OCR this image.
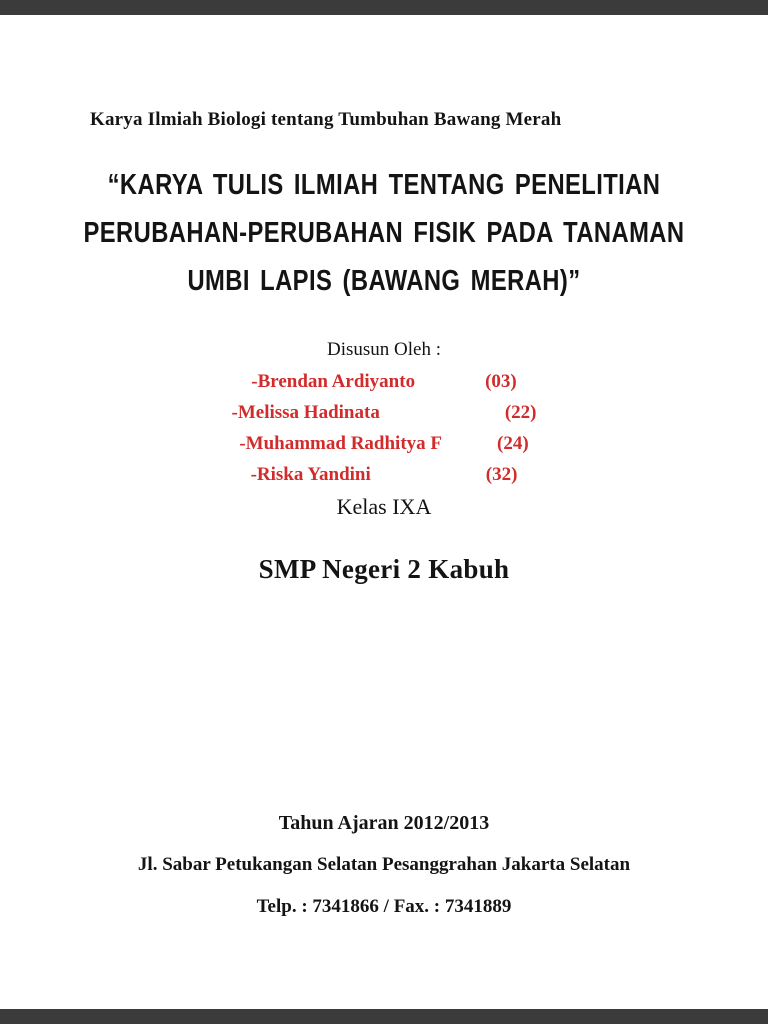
Karya Ilmiah Biologi tentang Tumbuhan Bawang Merah
“KARYA TULIS ILMIAH TENTANG PENELITIAN
PERUBAHAN-PERUBAHAN FISIK PADA TANAMAN
UMBI LAPIS (BAWANG MERAH)”
Disusun Oleh :
-Brendan Ardiyanto	(03)
-Melissa Hadinata	(22)
-Muhammad Radhitya F	(24)
-Riska Yandini	(32)
Kelas IXA
SMP Negeri 2 Kabuh
Tahun Ajaran 2012/2013
Jl. Sabar Petukangan Selatan Pesanggrahan Jakarta Selatan
Telp. : 7341866 / Fax. : 7341889
